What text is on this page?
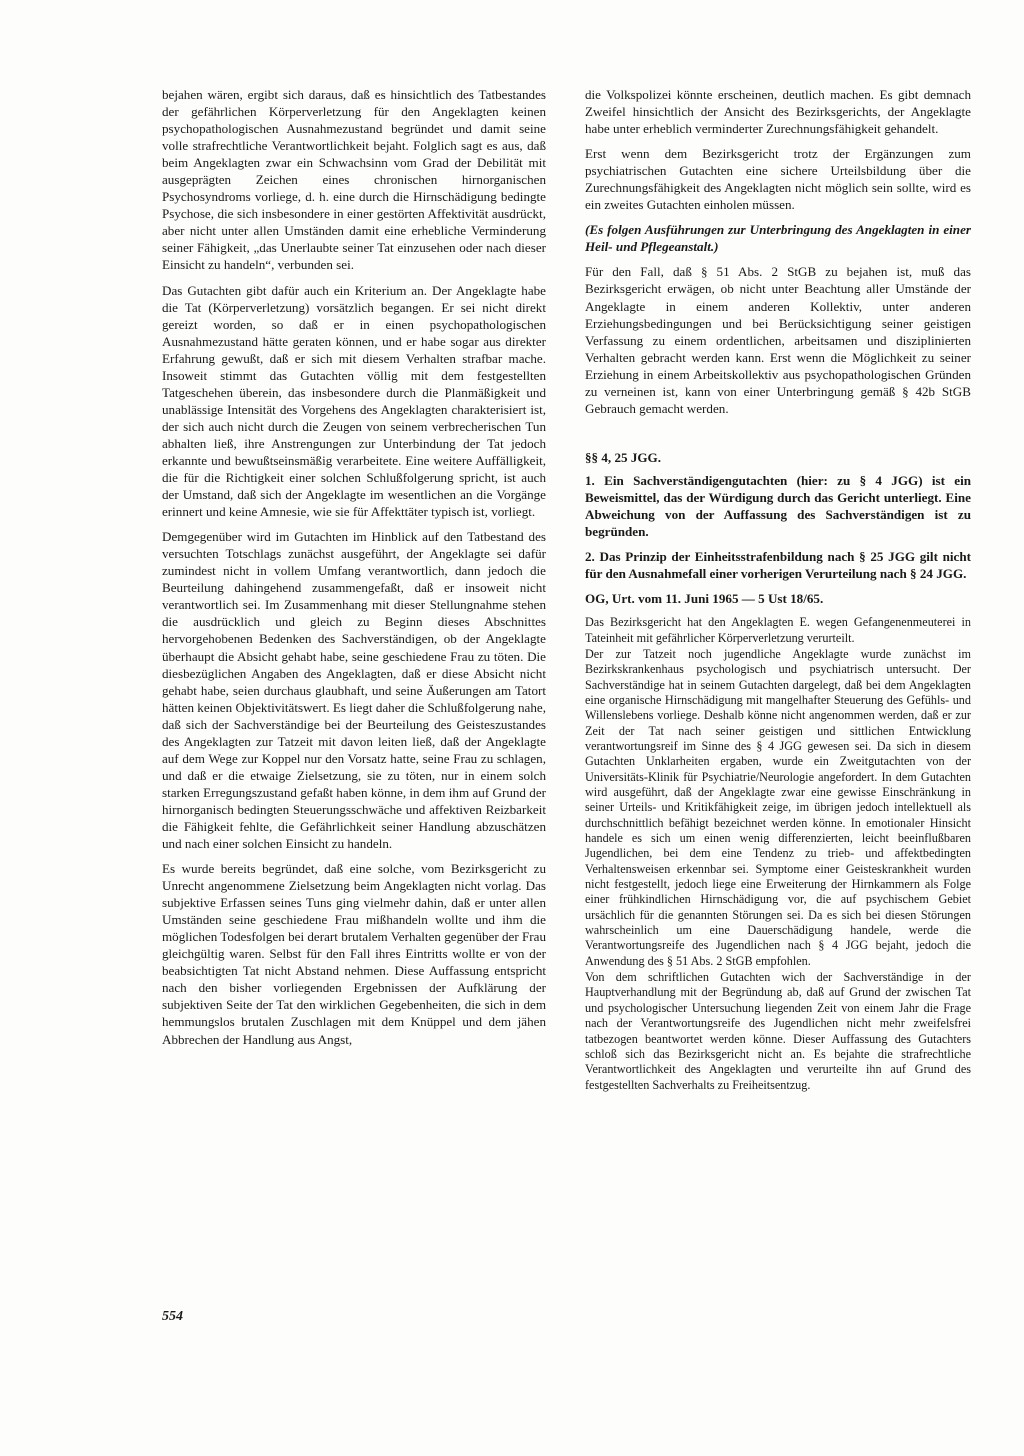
bejahen wären, ergibt sich daraus, daß es hinsichtlich des Tatbestandes der gefährlichen Körperverletzung für den Angeklagten keinen psychopathologischen Ausnahmezustand begründet und damit seine volle strafrechtliche Verantwortlichkeit bejaht. Folglich sagt es aus, daß beim Angeklagten zwar ein Schwachsinn vom Grad der Debilität mit ausgeprägten Zeichen eines chronischen hirnorganischen Psychosyndroms vorliege, d. h. eine durch die Hirnschädigung bedingte Psychose, die sich insbesondere in einer gestörten Affektivität ausdrückt, aber nicht unter allen Umständen damit eine erhebliche Verminderung seiner Fähigkeit, „das Unerlaubte seiner Tat einzusehen oder nach dieser Einsicht zu handeln“, verbunden sei.

Das Gutachten gibt dafür auch ein Kriterium an. Der Angeklagte habe die Tat (Körperverletzung) vorsätzlich begangen. Er sei nicht direkt gereizt worden, so daß er in einen psychopathologischen Ausnahmezustand hätte geraten können, und er habe sogar aus direkter Erfahrung gewußt, daß er sich mit diesem Verhalten strafbar mache. Insoweit stimmt das Gutachten völlig mit dem festgestellten Tatgeschehen überein, das insbesondere durch die Planmäßigkeit und unablässige Intensität des Vorgehens des Angeklagten charakterisiert ist, der sich auch nicht durch die Zeugen von seinem verbrecherischen Tun abhalten ließ, ihre Anstrengungen zur Unterbindung der Tat jedoch erkannte und bewußtseinsmäßig verarbeitete. Eine weitere Auffälligkeit, die für die Richtigkeit einer solchen Schlußfolgerung spricht, ist auch der Umstand, daß sich der Angeklagte im wesentlichen an die Vorgänge erinnert und keine Amnesie, wie sie für Affekttäter typisch ist, vorliegt.

Demgegenüber wird im Gutachten im Hinblick auf den Tatbestand des versuchten Totschlags zunächst ausgeführt, der Angeklagte sei dafür zumindest nicht in vollem Umfang verantwortlich, dann jedoch die Beurteilung dahingehend zusammengefaßt, daß er insoweit nicht verantwortlich sei. Im Zusammenhang mit dieser Stellungnahme stehen die ausdrücklich und gleich zu Beginn dieses Abschnittes hervorgehobenen Bedenken des Sachverständigen, ob der Angeklagte überhaupt die Absicht gehabt habe, seine geschiedene Frau zu töten. Die diesbezüglichen Angaben des Angeklagten, daß er diese Absicht nicht gehabt habe, seien durchaus glaubhaft, und seine Äußerungen am Tatort hätten keinen Objektivitätswert. Es liegt daher die Schlußfolgerung nahe, daß sich der Sachverständige bei der Beurteilung des Geisteszustandes des Angeklagten zur Tatzeit mit davon leiten ließ, daß der Angeklagte auf dem Wege zur Koppel nur den Vorsatz hatte, seine Frau zu schlagen, und daß er die etwaige Zielsetzung, sie zu töten, nur in einem solch starken Erregungszustand gefaßt haben könne, in dem ihm auf Grund der hirnorganisch bedingten Steuerungsschwäche und affektiven Reizbarkeit die Fähigkeit fehlte, die Gefährlichkeit seiner Handlung abzuschätzen und nach einer solchen Einsicht zu handeln.

Es wurde bereits begründet, daß eine solche, vom Bezirksgericht zu Unrecht angenommene Zielsetzung beim Angeklagten nicht vorlag. Das subjektive Erfassen seines Tuns ging vielmehr dahin, daß er unter allen Umständen seine geschiedene Frau mißhandeln wollte und ihm die möglichen Todesfolgen bei derart brutalem Verhalten gegenüber der Frau gleichgültig waren. Selbst für den Fall ihres Eintritts wollte er von der beabsichtigten Tat nicht Abstand nehmen. Diese Auffassung entspricht nach den bisher vorliegenden Ergebnissen der Aufklärung der subjektiven Seite der Tat den wirklichen Gegebenheiten, die sich in dem hemmungslos brutalen Zuschlagen mit dem Knüppel und dem jähen Abbrechen der Handlung aus Angst,

die Volkspolizei könnte erscheinen, deutlich machen. Es gibt demnach Zweifel hinsichtlich der Ansicht des Bezirksgerichts, der Angeklagte habe unter erheblich verminderter Zurechnungsfähigkeit gehandelt.

Erst wenn dem Bezirksgericht trotz der Ergänzungen zum psychiatrischen Gutachten eine sichere Urteilsbildung über die Zurechnungsfähigkeit des Angeklagten nicht möglich sein sollte, wird es ein zweites Gutachten einholen müssen.

(Es folgen Ausführungen zur Unterbringung des Angeklagten in einer Heil- und Pflegeanstalt.)

Für den Fall, daß § 51 Abs. 2 StGB zu bejahen ist, muß das Bezirksgericht erwägen, ob nicht unter Beachtung aller Umstände der Angeklagte in einem anderen Kollektiv, unter anderen Erziehungsbedingungen und bei Berücksichtigung seiner geistigen Verfassung zu einem ordentlichen, arbeitsamen und disziplinierten Verhalten gebracht werden kann. Erst wenn die Möglichkeit zu seiner Erziehung in einem Arbeitskollektiv aus psychopathologischen Gründen zu verneinen ist, kann von einer Unterbringung gemäß § 42b StGB Gebrauch gemacht werden.

§§ 4, 25 JGG.

1. Ein Sachverständigengutachten (hier: zu § 4 JGG) ist ein Beweismittel, das der Würdigung durch das Gericht unterliegt. Eine Abweichung von der Auffassung des Sachverständigen ist zu begründen.

2. Das Prinzip der Einheitsstrafenbildung nach § 25 JGG gilt nicht für den Ausnahmefall einer vorherigen Verurteilung nach § 24 JGG.

OG, Urt. vom 11. Juni 1965 — 5 Ust 18/65.

Das Bezirksgericht hat den Angeklagten E. wegen Gefangenenmeuterei in Tateinheit mit gefährlicher Körperverletzung verurteilt.

Der zur Tatzeit noch jugendliche Angeklagte wurde zunächst im Bezirkskrankenhaus psychologisch und psychiatrisch untersucht. Der Sachverständige hat in seinem Gutachten dargelegt, daß bei dem Angeklagten eine organische Hirnschädigung mit mangelhafter Steuerung des Gefühls- und Willenslebens vorliege. Deshalb könne nicht angenommen werden, daß er zur Zeit der Tat nach seiner geistigen und sittlichen Entwicklung verantwortungsreif im Sinne des § 4 JGG gewesen sei. Da sich in diesem Gutachten Unklarheiten ergaben, wurde ein Zweitgutachten von der Universitäts-Klinik für Psychiatrie/Neurologie angefordert. In dem Gutachten wird ausgeführt, daß der Angeklagte zwar eine gewisse Einschränkung in seiner Urteils- und Kritikfähigkeit zeige, im übrigen jedoch intellektuell als durchschnittlich befähigt bezeichnet werden könne. In emotionaler Hinsicht handele es sich um einen wenig differenzierten, leicht beeinflußbaren Jugendlichen, bei dem eine Tendenz zu trieb- und affektbedingten Verhaltensweisen erkennbar sei. Symptome einer Geisteskrankheit wurden nicht festgestellt, jedoch liege eine Erweiterung der Hirnkammern als Folge einer frühkindlichen Hirnschädigung vor, die auf psychischem Gebiet ursächlich für die genannten Störungen sei. Da es sich bei diesen Störungen wahrscheinlich um eine Dauerschädigung handele, werde die Verantwortungsreife des Jugendlichen nach § 4 JGG bejaht, jedoch die Anwendung des § 51 Abs. 2 StGB empfohlen.

Von dem schriftlichen Gutachten wich der Sachverständige in der Hauptverhandlung mit der Begründung ab, daß auf Grund der zwischen Tat und psychologischer Untersuchung liegenden Zeit von einem Jahr die Frage nach der Verantwortungsreife des Jugendlichen nicht mehr zweifelsfrei tatbezogen beantwortet werden könne. Dieser Auffassung des Gutachters schloß sich das Bezirksgericht nicht an. Es bejahte die strafrechtliche Verantwortlichkeit des Angeklagten und verurteilte ihn auf Grund des festgestellten Sachverhalts zu Freiheitsentzug.

554
